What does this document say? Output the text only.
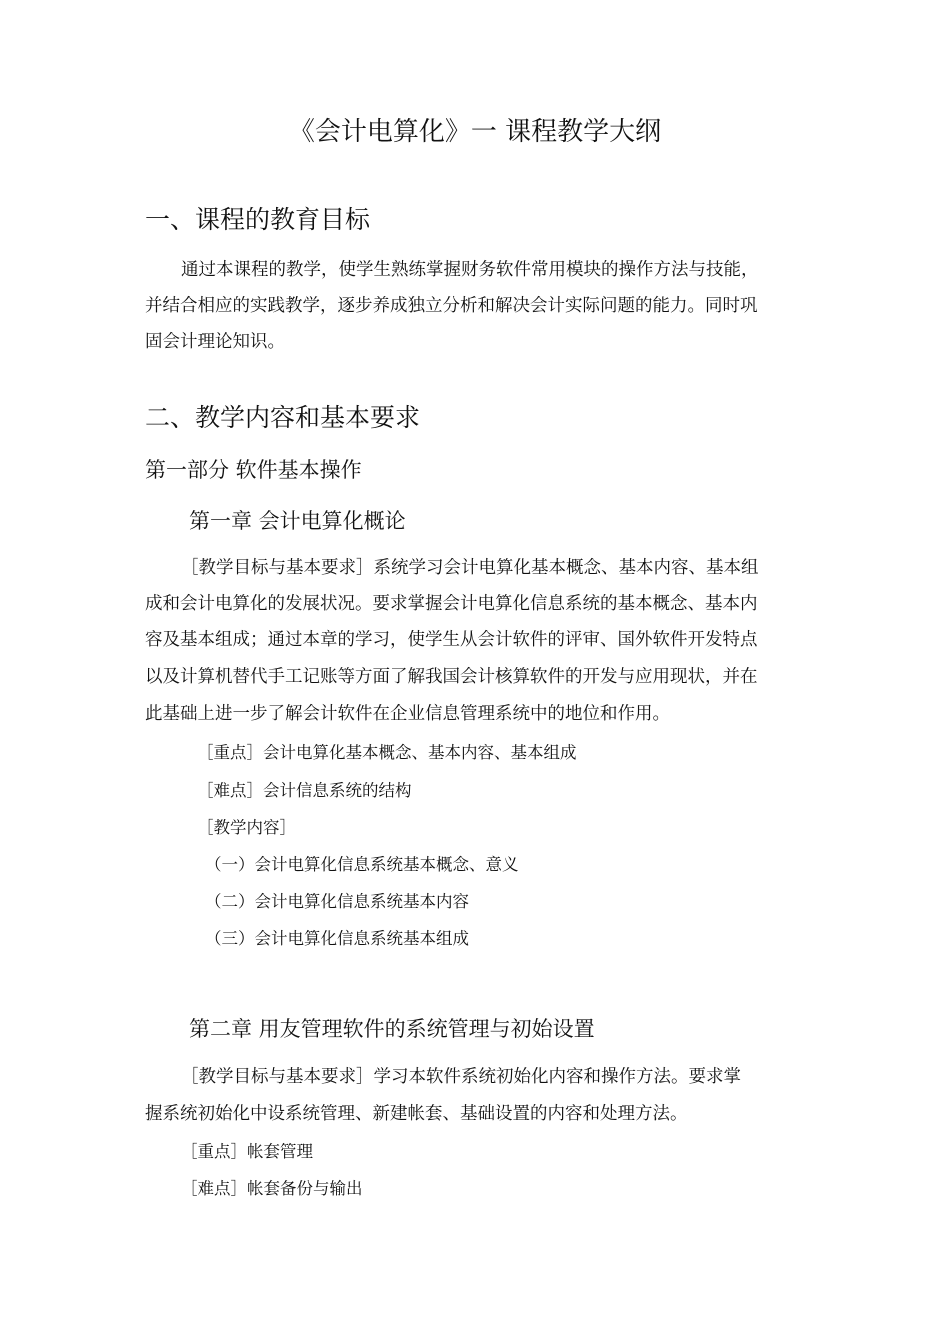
《会计电算化》一 课程教学大纲
一、课程的教育目标
通过本课程的教学，使学生熟练掌握财务软件常用模块的操作方法与技能，
并结合相应的实践教学，逐步养成独立分析和解决会计实际问题的能力。同时巩
固会计理论知识。
二、教学内容和基本要求
第一部分 软件基本操作
第一章 会计电算化概论
［教学目标与基本要求］系统学习会计电算化基本概念、基本内容、基本组
成和会计电算化的发展状况。要求掌握会计电算化信息系统的基本概念、基本内
容及基本组成；通过本章的学习，使学生从会计软件的评审、国外软件开发特点
以及计算机替代手工记账等方面了解我国会计核算软件的开发与应用现状，并在
此基础上进一步了解会计软件在企业信息管理系统中的地位和作用。
［重点］会计电算化基本概念、基本内容、基本组成
［难点］会计信息系统的结构
［教学内容］
（一）会计电算化信息系统基本概念、意义
（二）会计电算化信息系统基本内容
（三）会计电算化信息系统基本组成
第二章 用友管理软件的系统管理与初始设置
［教学目标与基本要求］学习本软件系统初始化内容和操作方法。要求掌
握系统初始化中设系统管理、新建帐套、基础设置的内容和处理方法。
［重点］帐套管理
［难点］帐套备份与输出
